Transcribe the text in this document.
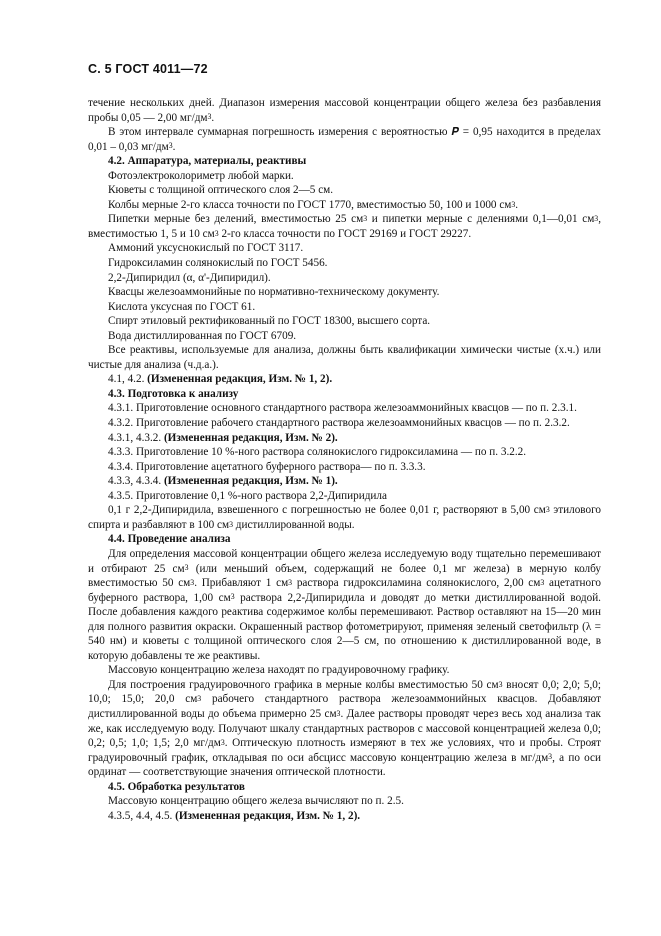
С. 5 ГОСТ 4011—72

течение нескольких дней. Диапазон измерения массовой концентрации общего железа без разбавления пробы 0,05 — 2,00 $мг/дм^3$.

В этом интервале суммарная погрешность измерения с вероятностью 𝑷 = 0,95 находится в пределах 0,01 – 0,03 $мг/дм^3$.

4.2. Аппаратура, материалы, реактивы

Фотоэлектроколориметр любой марки.

Кюветы с толщиной оптического слоя 2—5 см.

Колбы мерные 2-го класса точности по ГОСТ 1770, вместимостью 50, 100 и 1000 $см^3$.

Пипетки мерные без делений, вместимостью 25 $см^3$ и пипетки мерные с делениями 0,1—0,01 $см^3$, вместимостью 1, 5 и 10 $см^3$ 2-го класса точности по ГОСТ 29169 и ГОСТ 29227.

Аммоний уксуснокислый по ГОСТ 3117.

Гидроксиламин солянокислый по ГОСТ 5456.

2,2-Дипиридил (α, α'-Дипиридил).

Квасцы железоаммонийные по нормативно-техническому документу.

Кислота уксусная по ГОСТ 61.

Спирт этиловый ректификованный по ГОСТ 18300, высшего сорта.

Вода дистиллированная по ГОСТ 6709.

Все реактивы, используемые для анализа, должны быть квалификации химически чистые (х.ч.) или чистые для анализа (ч.д.а.).

4.1, 4.2. (Измененная редакция, Изм. № 1, 2).

4.3. Подготовка к анализу

4.3.1. Приготовление основного стандартного раствора железоаммонийных квасцов — по п. 2.3.1.

4.3.2. Приготовление рабочего стандартного раствора железоаммонийных квасцов — по п. 2.3.2.

4.3.1, 4.3.2. (Измененная редакция, Изм. № 2).

4.3.3. Приготовление 10 %-ного раствора солянокислого гидроксиламина — по п. 3.2.2.

4.3.4. Приготовление ацетатного буферного раствора— по п. 3.3.3.

4.3.3, 4.3.4. (Измененная редакция, Изм. № 1).

4.3.5. Приготовление 0,1 %-ного раствора 2,2-Дипиридила

0,1 г 2,2-Дипиридила, взвешенного с погрешностью не более 0,01 г, растворяют в 5,00 $см^3$ этилового спирта и разбавляют в 100 $см^3$ дистиллированной воды.

4.4. Проведение анализа

Для определения массовой концентрации общего железа исследуемую воду тщательно перемешивают и отбирают 25 $см^3$ (или меньший объем, содержащий не более 0,1 мг железа) в мерную колбу вместимостью 50 $см^3$. Прибавляют 1 $см^3$ раствора гидроксиламина солянокислого, 2,00 $см^3$ ацетатного буферного раствора, 1,00 $см^3$ раствора 2,2-Дипиридила и доводят до метки дистиллированной водой. После добавления каждого реактива содержимое колбы перемешивают. Раствор оставляют на 15—20 мин для полного развития окраски. Окрашенный раствор фотометрируют, применяя зеленый светофильтр (λ = 540 нм) и кюветы с толщиной оптического слоя 2—5 см, по отношению к дистиллированной воде, в которую добавлены те же реактивы.

Массовую концентрацию железа находят по градуировочному графику.

Для построения градуировочного графика в мерные колбы вместимостью 50 $см^3$ вносят 0,0; 2,0; 5,0; 10,0; 15,0; 20,0 $см^3$ рабочего стандартного раствора железоаммонийных квасцов. Добавляют дистиллированной воды до объема примерно 25 $см^3$. Далее растворы проводят через весь ход анализа так же, как исследуемую воду. Получают шкалу стандартных растворов с массовой концентрацией железа 0,0; 0,2; 0,5; 1,0; 1,5; 2,0 $мг/дм^3$. Оптическую плотность измеряют в тех же условиях, что и пробы. Строят градуировочный график, откладывая по оси абсцисс массовую концентрацию железа в $мг/дм^3$, а по оси ординат — соответствующие значения оптической плотности.

4.5. Обработка результатов

Массовую концентрацию общего железа вычисляют по п. 2.5.

4.3.5, 4.4, 4.5. (Измененная редакция, Изм. № 1, 2).
